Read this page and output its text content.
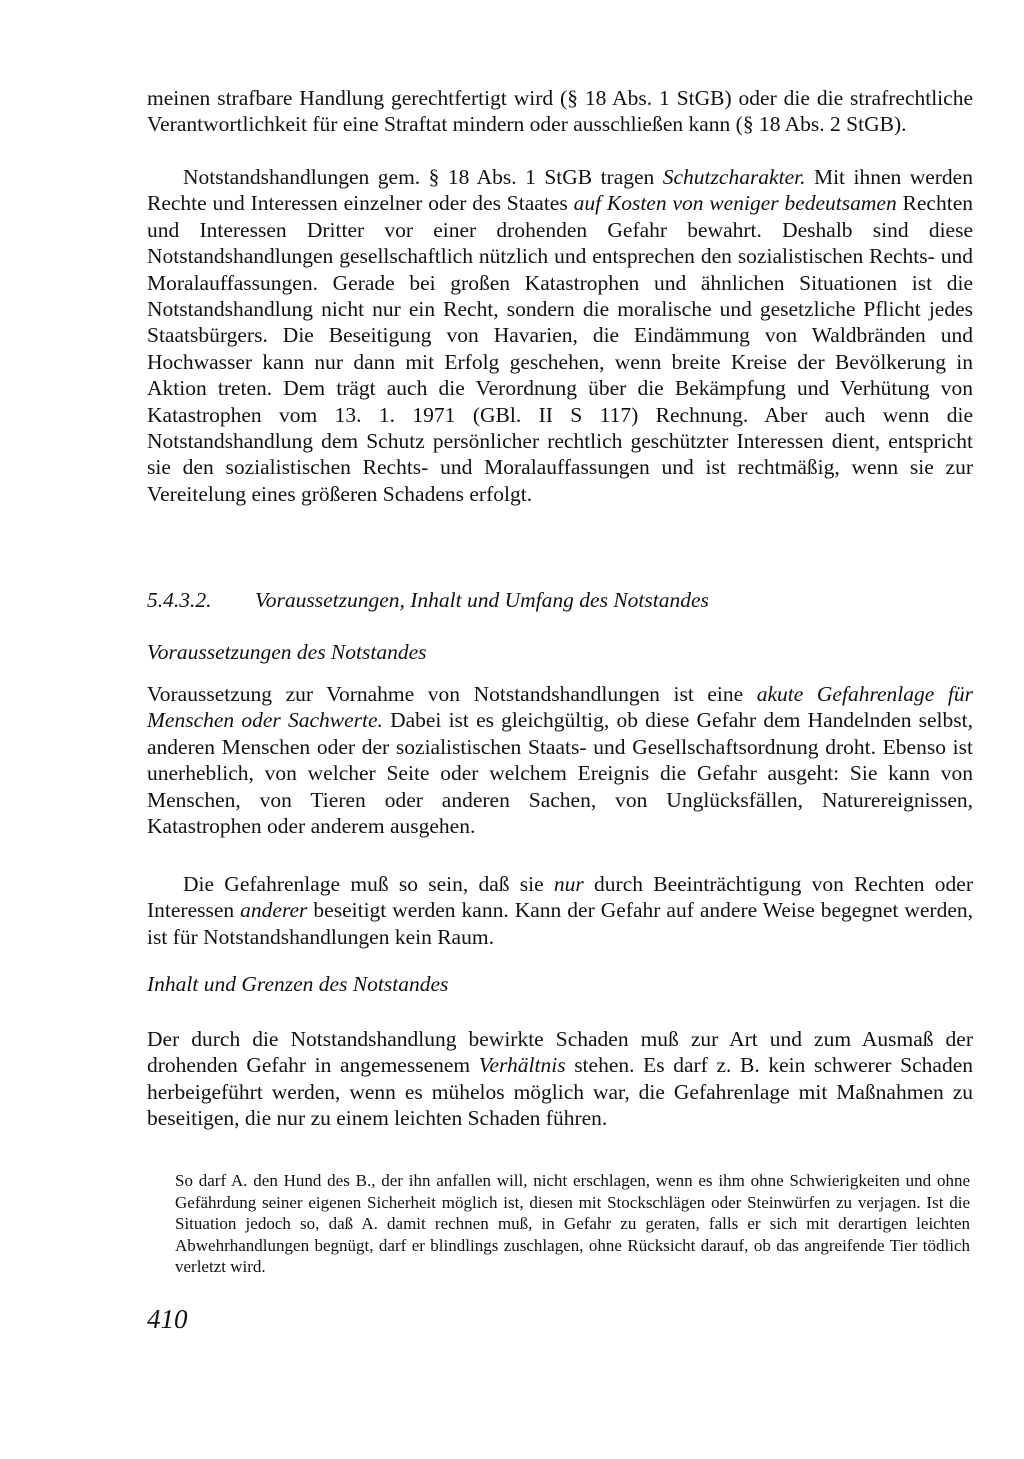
meinen strafbare Handlung gerechtfertigt wird (§ 18 Abs. 1 StGB) oder die die strafrechtliche Verantwortlichkeit für eine Straftat mindern oder ausschließen kann (§ 18 Abs. 2 StGB).

Notstandshandlungen gem. § 18 Abs. 1 StGB tragen Schutzcharakter. Mit ihnen werden Rechte und Interessen einzelner oder des Staates auf Kosten von weniger bedeutsamen Rechten und Interessen Dritter vor einer drohenden Gefahr bewahrt. Deshalb sind diese Notstandshandlungen gesellschaftlich nützlich und entsprechen den sozialistischen Rechts- und Moralauffassungen. Gerade bei großen Katastrophen und ähnlichen Situationen ist die Notstandshandlung nicht nur ein Recht, sondern die moralische und gesetzliche Pflicht jedes Staatsbürgers. Die Beseitigung von Havarien, die Eindämmung von Waldbränden und Hochwasser kann nur dann mit Erfolg geschehen, wenn breite Kreise der Bevölkerung in Aktion treten. Dem trägt auch die Verordnung über die Bekämpfung und Verhütung von Katastrophen vom 13. 1. 1971 (GBl. II S 117) Rechnung. Aber auch wenn die Notstandshandlung dem Schutz persönlicher rechtlich geschützter Interessen dient, entspricht sie den sozialistischen Rechts- und Moralauffassungen und ist rechtmäßig, wenn sie zur Vereitelung eines größeren Schadens erfolgt.

5.4.3.2. Voraussetzungen, Inhalt und Umfang des Notstandes
Voraussetzungen des Notstandes

Voraussetzung zur Vornahme von Notstandshandlungen ist eine akute Gefahrenlage für Menschen oder Sachwerte. Dabei ist es gleichgültig, ob diese Gefahr dem Handelnden selbst, anderen Menschen oder der sozialistischen Staats- und Gesellschaftsordnung droht. Ebenso ist unerheblich, von welcher Seite oder welchem Ereignis die Gefahr ausgeht: Sie kann von Menschen, von Tieren oder anderen Sachen, von Unglücksfällen, Naturereignissen, Katastrophen oder anderem ausgehen.

Die Gefahrenlage muß so sein, daß sie nur durch Beeinträchtigung von Rechten oder Interessen anderer beseitigt werden kann. Kann der Gefahr auf andere Weise begegnet werden, ist für Notstandshandlungen kein Raum.

Inhalt und Grenzen des Notstandes

Der durch die Notstandshandlung bewirkte Schaden muß zur Art und zum Ausmaß der drohenden Gefahr in angemessenem Verhältnis stehen. Es darf z. B. kein schwerer Schaden herbeigeführt werden, wenn es mühelos möglich war, die Gefahrenlage mit Maßnahmen zu beseitigen, die nur zu einem leichten Schaden führen.

So darf A. den Hund des B., der ihn anfallen will, nicht erschlagen, wenn es ihm ohne Schwierigkeiten und ohne Gefährdung seiner eigenen Sicherheit möglich ist, diesen mit Stockschlägen oder Steinwürfen zu verjagen. Ist die Situation jedoch so, daß A. damit rechnen muß, in Gefahr zu geraten, falls er sich mit derartigen leichten Abwehrhandlungen begnügt, darf er blindlings zuschlagen, ohne Rücksicht darauf, ob das angreifende Tier tödlich verletzt wird.

410
